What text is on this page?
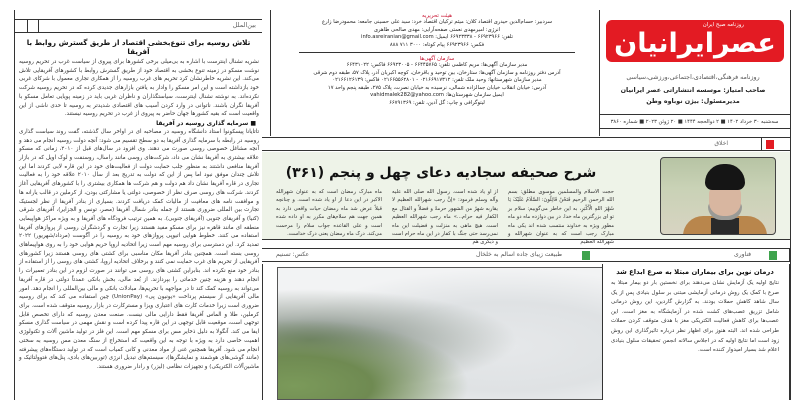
بین‌الملل
تلاش روسیه برای تنوع‌بخشی اقتصاد از طریق گسترش روابط با آفریقا
نشریه نشنال اینترست با اشاره به بی‌میلی برخی کشورها برای پیروی از سیاست غرب در تحریم روسیه نوشت مسکو در زمینه تنوع بخشی به اقتصاد خود از طریق گسترش روابط با کشورهای آفریقایی تلاش می‌کند. این نشریه خاطرنشان کرد تحریم های غرب روسیه را از همکاری تجاری معمول با شرکای غربی خود بازداشته است و این امر مسکو را وادار به یافتن بازارهای جدیدی کرده که در تحریم روسیه شرکت نکرده‌اند. به نوشته نشنال اینترست، سیاستگذاران و ناظران غربی باید در زمینه پویایی تعامل مسکو با آفریقا نگران باشند. ناتوانی در وارد کردن آسیب های اقتصادی شدیدتر به روسیه تا حدی ناشی از این واقعیت است که بقیه کشورها جهان حاضر به پیروی از غرب در تحریم روسیه نیستند.
■ سرمایه گذاری روسیه در آفریقا
تاتایانا پیسکونوا استاد دانشگاه روسیه در مصاحبه ای در اواخر سال گذشته، گفت روند سیاست گذاری روسیه در رابطه با سرمایه گذاری آفریقا به دو سطح تقسیم می شود: آنچه دولت روسیه انجام می دهد و آنچه مشاغل خصوصی روسی صورت می دهند. وی افزود در سال‌های قبل از ۲۰۱۰، زمانی که مسکو علاقه بیشتری به آفریقا نشان می داد، شرکت‌های روسی مانند راسال، روسنفت و لوک اویل که در بازار آفریقا منافعی داشتند به منظور جلب حمایت دولت از فعالیت‌های خود در این قاره لابی کردند اما این تلاش چندان موفق نبود اما پس از این که دولت به تدریج بعد از سال ۲۰۱۰ علاقه خود را به فعالیت تجاری در قاره آفریقا نشان داد هم دولت و هم شرکت ها همکاری بیشتری را با کشورهای آفریقایی آغاز کردند. شرکت های روسی صرف نظر از خصوصی، دولتی یا مشارکتی بودن، از کرملین در قالب یارانه ها و موافقت نامه های معافیت از مالیات کمک دریافت کردند. بسیاری از بنادر آفریقا از نظر لجستیک تجارت بین المللی ضروری هستند از جمله بنادر شمال آفریقا (مصر، تونس و الجزایر)، آفریقای شرقی (کنیا) و آفریقای جنوبی (آفریقای جنوبی). به همین ترتیب فرودگاه های آفریقا و به ویژه مراکز هواپیمایی منطقه ای مانند قاهره نیز برای مسکو مفید هستند زیرا تجارت و گردشگران روسی از پروازهای آفریقا استفاده می کنند. خطوط هوایی اتیوپی پروازهای خود به روسیه را در آگوست (مرداد/شهریور) ۲۰۲۲ تمدید کرد. این دسترسی برای روسیه مهم است زیرا اتحادیه اروپا حریم هوایی خود را به روی هواپیماهای روسی بسته است. همچنین بنادر آفریقا مکان مناسبی برای کشتی های روسی هستند زیرا کشورهای آفریقایی از تحریم های غرب حمایت نمی کنند و برخلاف اتحادیه اروپا، کشتی های روسی را از استفاده از بنادر خود منع نکرده اند. بنابراین کشتی های روسی می توانند در صورت لزوم در این بنادر تعمیرات را انجام دهند و هزینه چنین خدماتی را بپردازند. از بُعد مالی، بخش بانکی عمدتاً دولتی در قاره آفریقا می‌تواند به روسیه کمک کند تا در مواجهه با تحریم‌ها، مبادلات بانکی و مالی بین‌المللی را انجام دهد. امور مالی آفریقایی از سیستم پرداخت «یونیون پی» (UnionPay) چین استفاده می کند که برای روسیه ضروری است زیرا خدمات کارت های اعتباری ویزا و مسترکارت در بازار روسیه متوقف شده است. برای کرملین، طلا و الماس آفریقا فقط دارایی مالی نیست. صنعت معدن روسیه که دارای تخصص قابل توجهی است، موقعیت قابل توجهی در این قاره پیدا کرده است و نقش مهمی در سیاست گذاری مسکو ایفا می کند. آنگولا به دلیل ذخایر مس برای مسکو مهم است. این فلز در تولید ماشین آلات و تکنولوژی اهمیت خاصی دارد به ویژه با توجه به این واقعیت که استخراج از سنگ معدن مس روسیه به سختی انجام می شود. آفریقا همچنین غنی از مواد معدنی و کانی کمیاب است که در تولید دستگاه‌های پیشرفته (مانند گوشی‌های هوشمند و نمایشگرها)، سیستم‌های تبدیل انرژی (توربین‌های بادی، پنل‌های فتوولتائیک و ماشین‌آلات الکتریکی) و تجهیزات نظامی (لیزر) و رادار ضروری هستند.
هیئت تحریریه
سردبیر: حسام‌الدین حیدری اقتصاد کلان: میثم ترکیان اقتصاد خرد: سید علی حسینی جامعه: محمودرضا زارع
انرژی: امیرمهدی نعمتی صفحه‌آرایی: مهدی صالحی طاهری
تلفن: ۶۶۹۲۳۹۶۶ - ۶۶۹۲۳۳۳۸ ایمیل: info.asreiranian@gmail.com
فکس: ۶۶۹۲۳۹۶۶ پیام کوتاه: ۳۰۰۰ ۷۱۱ ۸۸۸
سازمان آگهی‌ها
مدیر سازمان آگهی‌ها: مریم کاظمی تلفن: ۶۶۴۴۵۷۶۵ - ۶۶۹۲۳۰۰۵ فاکس: ۶۶۴۳۱۰۲۲
آدرس دفتر روزنامه و سازمان آگهی‌ها: ستارخان، بین توحید و باقرخان، کوچه اکبریان آذر، پلاک ۵۷، طبقه دوم شرقی
مدیر سازمان شهرستانها: وحید ملک تلفن: ۰۲۱۶۶۹۱۷۳۱۲ - ۰۲۱۶۶۵۵۶۲۸۰۱ فاکس: ۰۲۱۶۶۱۲۶۱۳۹
آدرس: خیابان انقلاب خیابان جمالزاده شمالی، نرسیده به خیابان نصرت، پلاک ۲۷۵، طبقه پنجم واحد ۱۷
ایمیل سازمان شهرستان‌ها: vahidmalek282@yahoo.com
لیتوگرافی و چاپ: گل آذین، تلفن: ۶۶۷۹۱۳۶۹
روزنامه صبح ایران
عصرایرانیان
روزنامه فرهنگی،اقتصادی،اجتماعی،ورزشی،سیاسی
صاحب امتیاز: موسسه انتشاراتی عصر ایرانیان
مدیرمسئول: بیژن نوباوه وطن
سه‌شنبه ۳۰ خرداد ۱۴۰۲ ■ ۲ ذوالحجه ۱۴۴۴ ■ ۲۰ ژوئن ۲۰۲۳ ■ شماره ۳۸۶۰
اخلاق
شرح صحیفه سجادیه دعای چهل و پنجم (۳۶۱)
حجت الاسلام والمسلمین موسوی مطلق: بسم الله الرحمن الرحیم فَنَحْنُ قَائِلُونَ: السَّلَامُ عَلَیْکَ یَا شَهْرَ اللهِ الْأَکْبَرِ، به این خاطر می‌گوییم: سلام بر تو ای بزرگترین ماه خدا. در بین دوازده ماه دو ماه مطور ویژه به خداوند منتسب شده اند یکی ماه مبارک رجب است که به عنوان شهرالله و شهرالله العظیم
از او یاد شده است. رسول الله صلی الله علیه وآله وسلم فرمود: «إنَّ رجب شهرالله العظیم لا یقاربه شهرٌ من الشهور حرمةً و فضلاً و القتال مع الکفار فیه حرام...» ماه رجب شهرالله العظیم است. هیچ ماهی به منزلت و فضیلت این ماه نمی‌رسد حتی جنگ با کفار در این ماه حرام است و دیگری هم
ماه مبارک رمضان است که به عنوان شهرالله الاکبر در این دعا از او یاد شده است. و چنانچه قبلاً عرض شد ماه رمضان حیات واقعی دارد به همین جهت هم سلام‌های مکرر به او داده شده است و علی القاعده جواب سلام را مرحمت می‌کند. درک ماه رمضان یعنی درک خداست.
طبیعت زیبای جاده اسالم به خلخال
عکس: تسنیم	فناوری
درمان نوین برای بیماران مبتلا به صرع ابداع شد
نتایج اولیه یک آزمایش نشان می‌دهند برای نخستین بار دو بیمار مبتلا به صرع با کمک یک روش درمانی آزمایشی مبتنی بر سلول بنیادی پس از یک سال شاهد کاهش حملات بودند. به گزارش گاردین، این روش درمانی شامل تزریق عصب‌های کشت شده در آزمایشگاه به مغز است. این عصب‌ها برای کاهش فعالیت الکتریکی مغز با هدف متوقف کردن حملات طراحی شده اند. البته هنوز برای اظهار نظر درباره تاثیرگذاری این روش زود است اما نتایج اولیه که در اجلاس سالانه انجمن تحقیقات سلول بنیادی اعلام شد بسیار امیدوار کننده است.
